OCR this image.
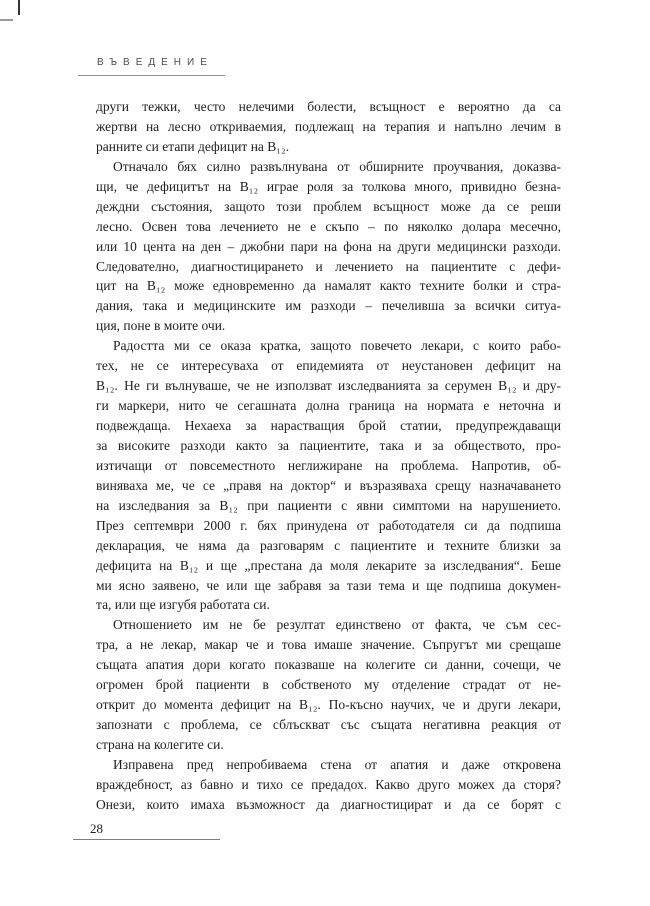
ВЪВЕДЕНИЕ
други тежки, често нелечими болести, всъщност е вероятно да са
жертви на лесно откриваемия, подлежащ на терапия и напълно лечим в
ранните си етапи дефицит на B₁₂.
Отначало бях силно развълнувана от обширните проучвания, доказва-
щи, че дефицитът на B₁₂ играе роля за толкова много, привидно безна-
деждни състояния, защото този проблем всъщност може да се реши
лесно. Освен това лечението не е скъпо – по няколко долара месечно,
или 10 цента на ден – джобни пари на фона на други медицински разходи.
Следователно, диагностицирането и лечението на пациентите с дефи-
цит на B₁₂ може едновременно да намалят както техните болки и стра-
дания, така и медицинските им разходи – печеливша за всички ситуа-
ция, поне в моите очи.
Радостта ми се оказа кратка, защото повечето лекари, с които рабо-
тех, не се интересуваха от епидемията от неустановен дефицит на
B₁₂. Не ги вълнуваше, че не използват изследванията за серумен B₁₂ и дру-
ги маркери, нито че сегашната долна граница на нормата е неточна и
подвеждаща. Нехаеха за нарастващия брой статии, предупреждаващи
за високите разходи както за пациентите, така и за обществото, про-
изтичащи от повсеместното неглижиране на проблема. Напротив, об-
виняваха ме, че се „правя на доктор“ и възразяваха срещу назначаването
на изследвания за B₁₂ при пациенти с явни симптоми на нарушението.
През септември 2000 г. бях принудена от работодателя си да подпиша
декларация, че няма да разговарям с пациентите и техните близки за
дефицита на B₁₂ и ще „престана да моля лекарите за изследвания“. Беше
ми ясно заявено, че или ще забравя за тази тема и ще подпиша докумен-
та, или ще изгубя работата си.
Отношението им не бе резултат единствено от факта, че съм сес-
тра, а не лекар, макар че и това имаше значение. Съпругът ми срещаше
същата апатия дори когато показваше на колегите си данни, сочещи, че
огромен брой пациенти в собственото му отделение страдат от не-
открит до момента дефицит на B₁₂. По-късно научих, че и други лекари,
запознати с проблема, се сблъскват със същата негативна реакция от
страна на колегите си.
Изправена пред непробиваема стена от апатия и даже откровена
враждебност, аз бавно и тихо се предадох. Какво друго можех да сторя?
Онези, които имаха възможност да диагностицират и да се борят с
28
